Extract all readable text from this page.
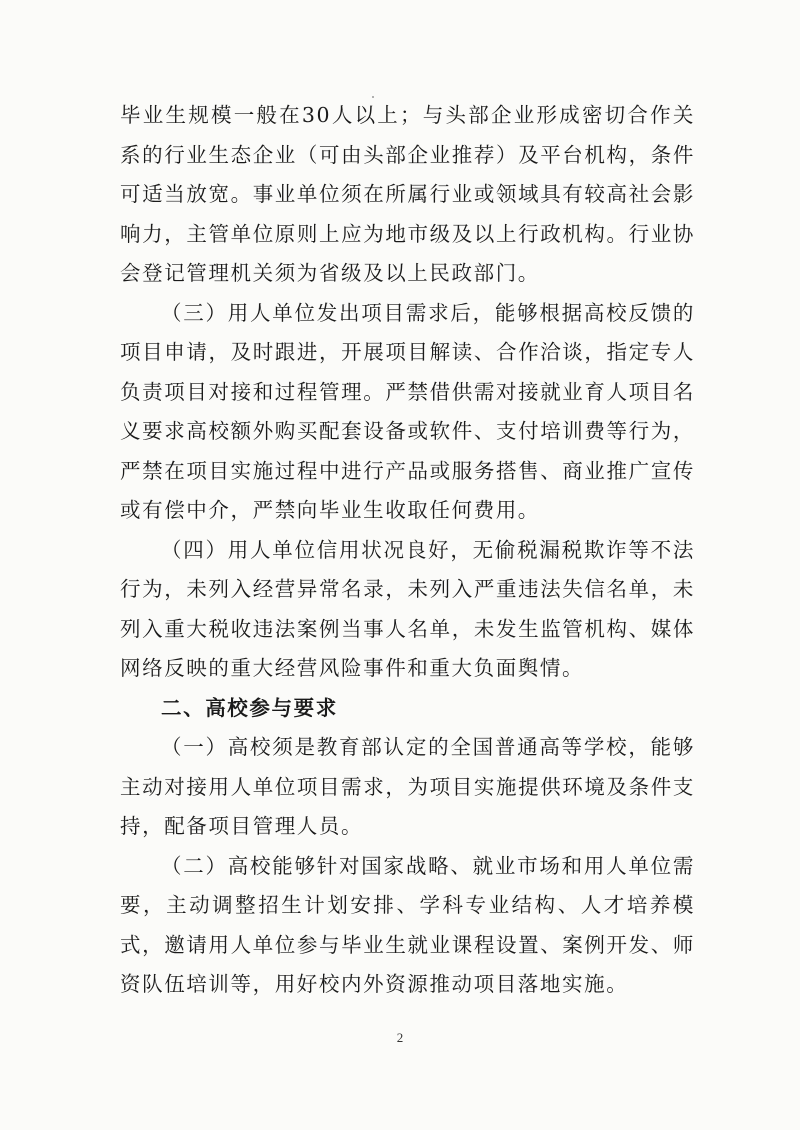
毕业生规模一般在30人以上；与头部企业形成密切合作关系的行业生态企业（可由头部企业推荐）及平台机构，条件可适当放宽。事业单位须在所属行业或领域具有较高社会影响力，主管单位原则上应为地市级及以上行政机构。行业协会登记管理机关须为省级及以上民政部门。

（三）用人单位发出项目需求后，能够根据高校反馈的项目申请，及时跟进，开展项目解读、合作洽谈，指定专人负责项目对接和过程管理。严禁借供需对接就业育人项目名义要求高校额外购买配套设备或软件、支付培训费等行为，严禁在项目实施过程中进行产品或服务搭售、商业推广宣传或有偿中介，严禁向毕业生收取任何费用。

（四）用人单位信用状况良好，无偷税漏税欺诈等不法行为，未列入经营异常名录，未列入严重违法失信名单，未列入重大税收违法案例当事人名单，未发生监管机构、媒体网络反映的重大经营风险事件和重大负面舆情。

二、高校参与要求

（一）高校须是教育部认定的全国普通高等学校，能够主动对接用人单位项目需求，为项目实施提供环境及条件支持，配备项目管理人员。

（二）高校能够针对国家战略、就业市场和用人单位需要，主动调整招生计划安排、学科专业结构、人才培养模式，邀请用人单位参与毕业生就业课程设置、案例开发、师资队伍培训等，用好校内外资源推动项目落地实施。

2
